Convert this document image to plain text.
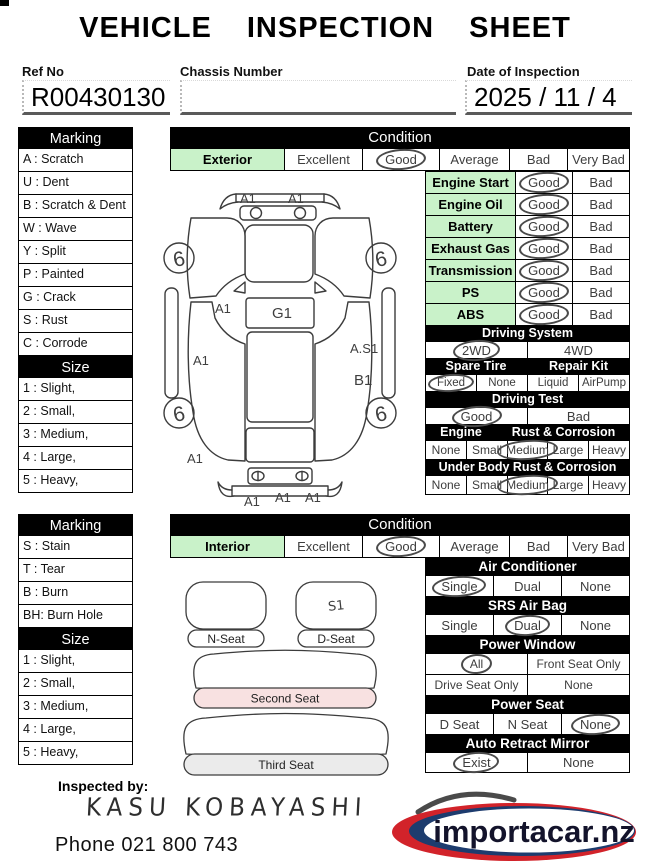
VEHICLE INSPECTION SHEET
Ref No
R00430130
Chassis Number	Date of Inspection
2025 / 11 / 4
Marking
A : Scratch
U : Dent
B : Scratch & Dent
W : Wave
Y : Split
P : Painted
G : Crack
S : Rust
C : Corrode
Size
1 : Slight,
2 : Small,
3 : Medium,
4 : Large,
5 : Heavy,
Marking
S : Stain
T : Tear
B : Burn
BH: Burn Hole
Size
1 : Slight,
2 : Small,
3 : Medium,
4 : Large,
5 : Heavy,
Condition
Exterior	Excellent	Good	Average Bad Very Bad
A1 A1
G1
A1
A1
A.S1
B1
A1
A1 A1 A1
6	6
6	6
Engine Start	Good Bad
Engine Oil	Good Bad
Battery	Good Bad
Exhaust Gas	Good Bad
Transmission Good Bad
PS	Good Bad
ABS	Good Bad
Driving System
2WD	4WD
Spare Tire	Repair Kit
Fixed None Liquid AirPump
Driving Test
Good	Bad
Engine	Rust & Corrosion
None Small Medium Large Heavy
Under Body Rust & Corrosion
None Small Medium Large Heavy
Condition
Interior	Excellent	Good	Average Bad Very Bad
N-Seat	D-Seat
Second Seat
Third Seat
S1
Air Conditioner
Single	Dual	None
SRS Air Bag
Single	Dual	None
Power Window
All	Front Seat Only
Drive Seat Only	None
Power Seat
D Seat N Seat	None
Auto Retract Mirror
Exist	None
Inspected by:
KASU KOBAYASHI
Phone 021 800 743	importacar.nz
